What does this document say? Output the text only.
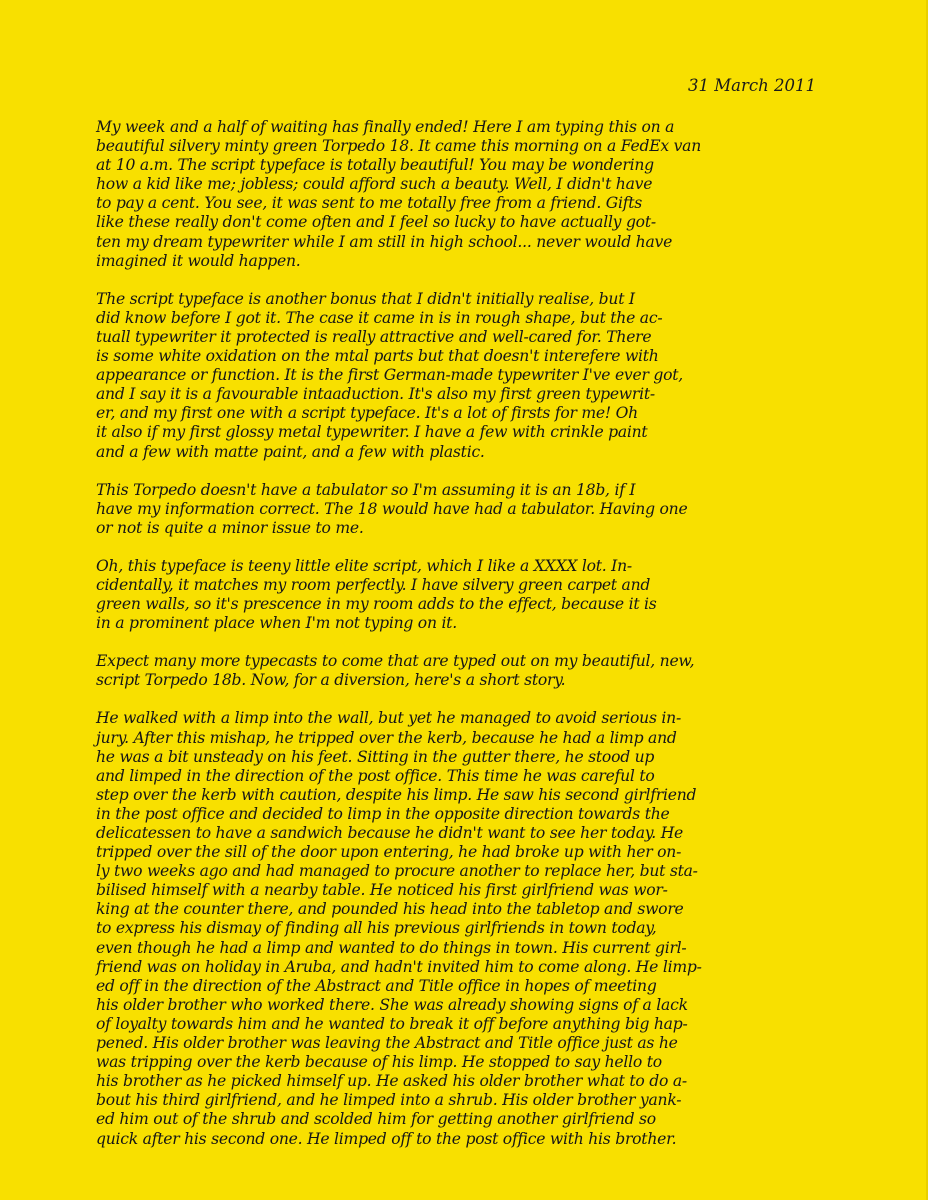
31 March 2011
My week and a half of waiting has finally ended! Here I am typing this on a
beautiful silvery minty green Torpedo 18. It came this morning on a FedEx van
at 10 a.m. The script typeface is totally beautiful! You may be wondering
how a kid like me; jobless; could afford such a beauty. Well, I didn't have
to pay a cent. You see, it was sent to me totally free from a friend. Gifts
like these really don't come often and I feel so lucky to have actually got-
ten my dream typewriter while I am still in high school... never would have
imagined it would happen.
The script typeface is another bonus that I didn't initially realise, but I
did know before I got it. The case it came in is in rough shape, but the ac-
tuall typewriter it protected is really attractive and well-cared for. There
is some white oxidation on the mtal parts but that doesn't interefere with
appearance or function. It is the first German-made typewriter I've ever got,
and I say it is a favourable intaaduction. It's also my first green typewrit-
er, and my first one with a script typeface. It's a lot of firsts for me! Oh
it also if my first glossy metal typewriter. I have a few with crinkle paint
and a few with matte paint, and a few with plastic.
This Torpedo doesn't have a tabulator so I'm assuming it is an 18b, if I
have my information correct. The 18 would have had a tabulator. Having one
or not is quite a minor issue to me.
Oh, this typeface is teeny little elite script, which I like a XXXX lot. In-
cidentally, it matches my room perfectly. I have silvery green carpet and
green walls, so it's prescence in my room adds to the effect, because it is
in a prominent place when I'm not typing on it.
Expect many more typecasts to come that are typed out on my beautiful, new,
script Torpedo 18b. Now, for a diversion, here's a short story.
He walked with a limp into the wall, but yet he managed to avoid serious in-
jury. After this mishap, he tripped over the kerb, because he had a limp and
he was a bit unsteady on his feet. Sitting in the gutter there, he stood up
and limped in the direction of the post office. This time he was careful to
step over the kerb with caution, despite his limp. He saw his second girlfriend
in the post office and decided to limp in the opposite direction towards the
delicatessen to have a sandwich because he didn't want to see her today. He
tripped over the sill of the door upon entering, he had broke up with her on-
ly two weeks ago and had managed to procure another to replace her, but sta-
bilised himself with a nearby table. He noticed his first girlfriend was wor-
king at the counter there, and pounded his head into the tabletop and swore
to express his dismay of finding all his previous girlfriends in town today,
even though he had a limp and wanted to do things in town. His current girl-
friend was on holiday in Aruba, and hadn't invited him to come along. He limp-
ed off in the direction of the Abstract and Title office in hopes of meeting
his older brother who worked there. She was already showing signs of a lack
of loyalty towards him and he wanted to break it off before anything big hap-
pened. His older brother was leaving the Abstract and Title office just as he
was tripping over the kerb because of his limp. He stopped to say hello to
his brother as he picked himself up. He asked his older brother what to do a-
bout his third girlfriend, and he limped into a shrub. His older brother yank-
ed him out of the shrub and scolded him for getting another girlfriend so
quick after his second one. He limped off to the post office with his brother.
